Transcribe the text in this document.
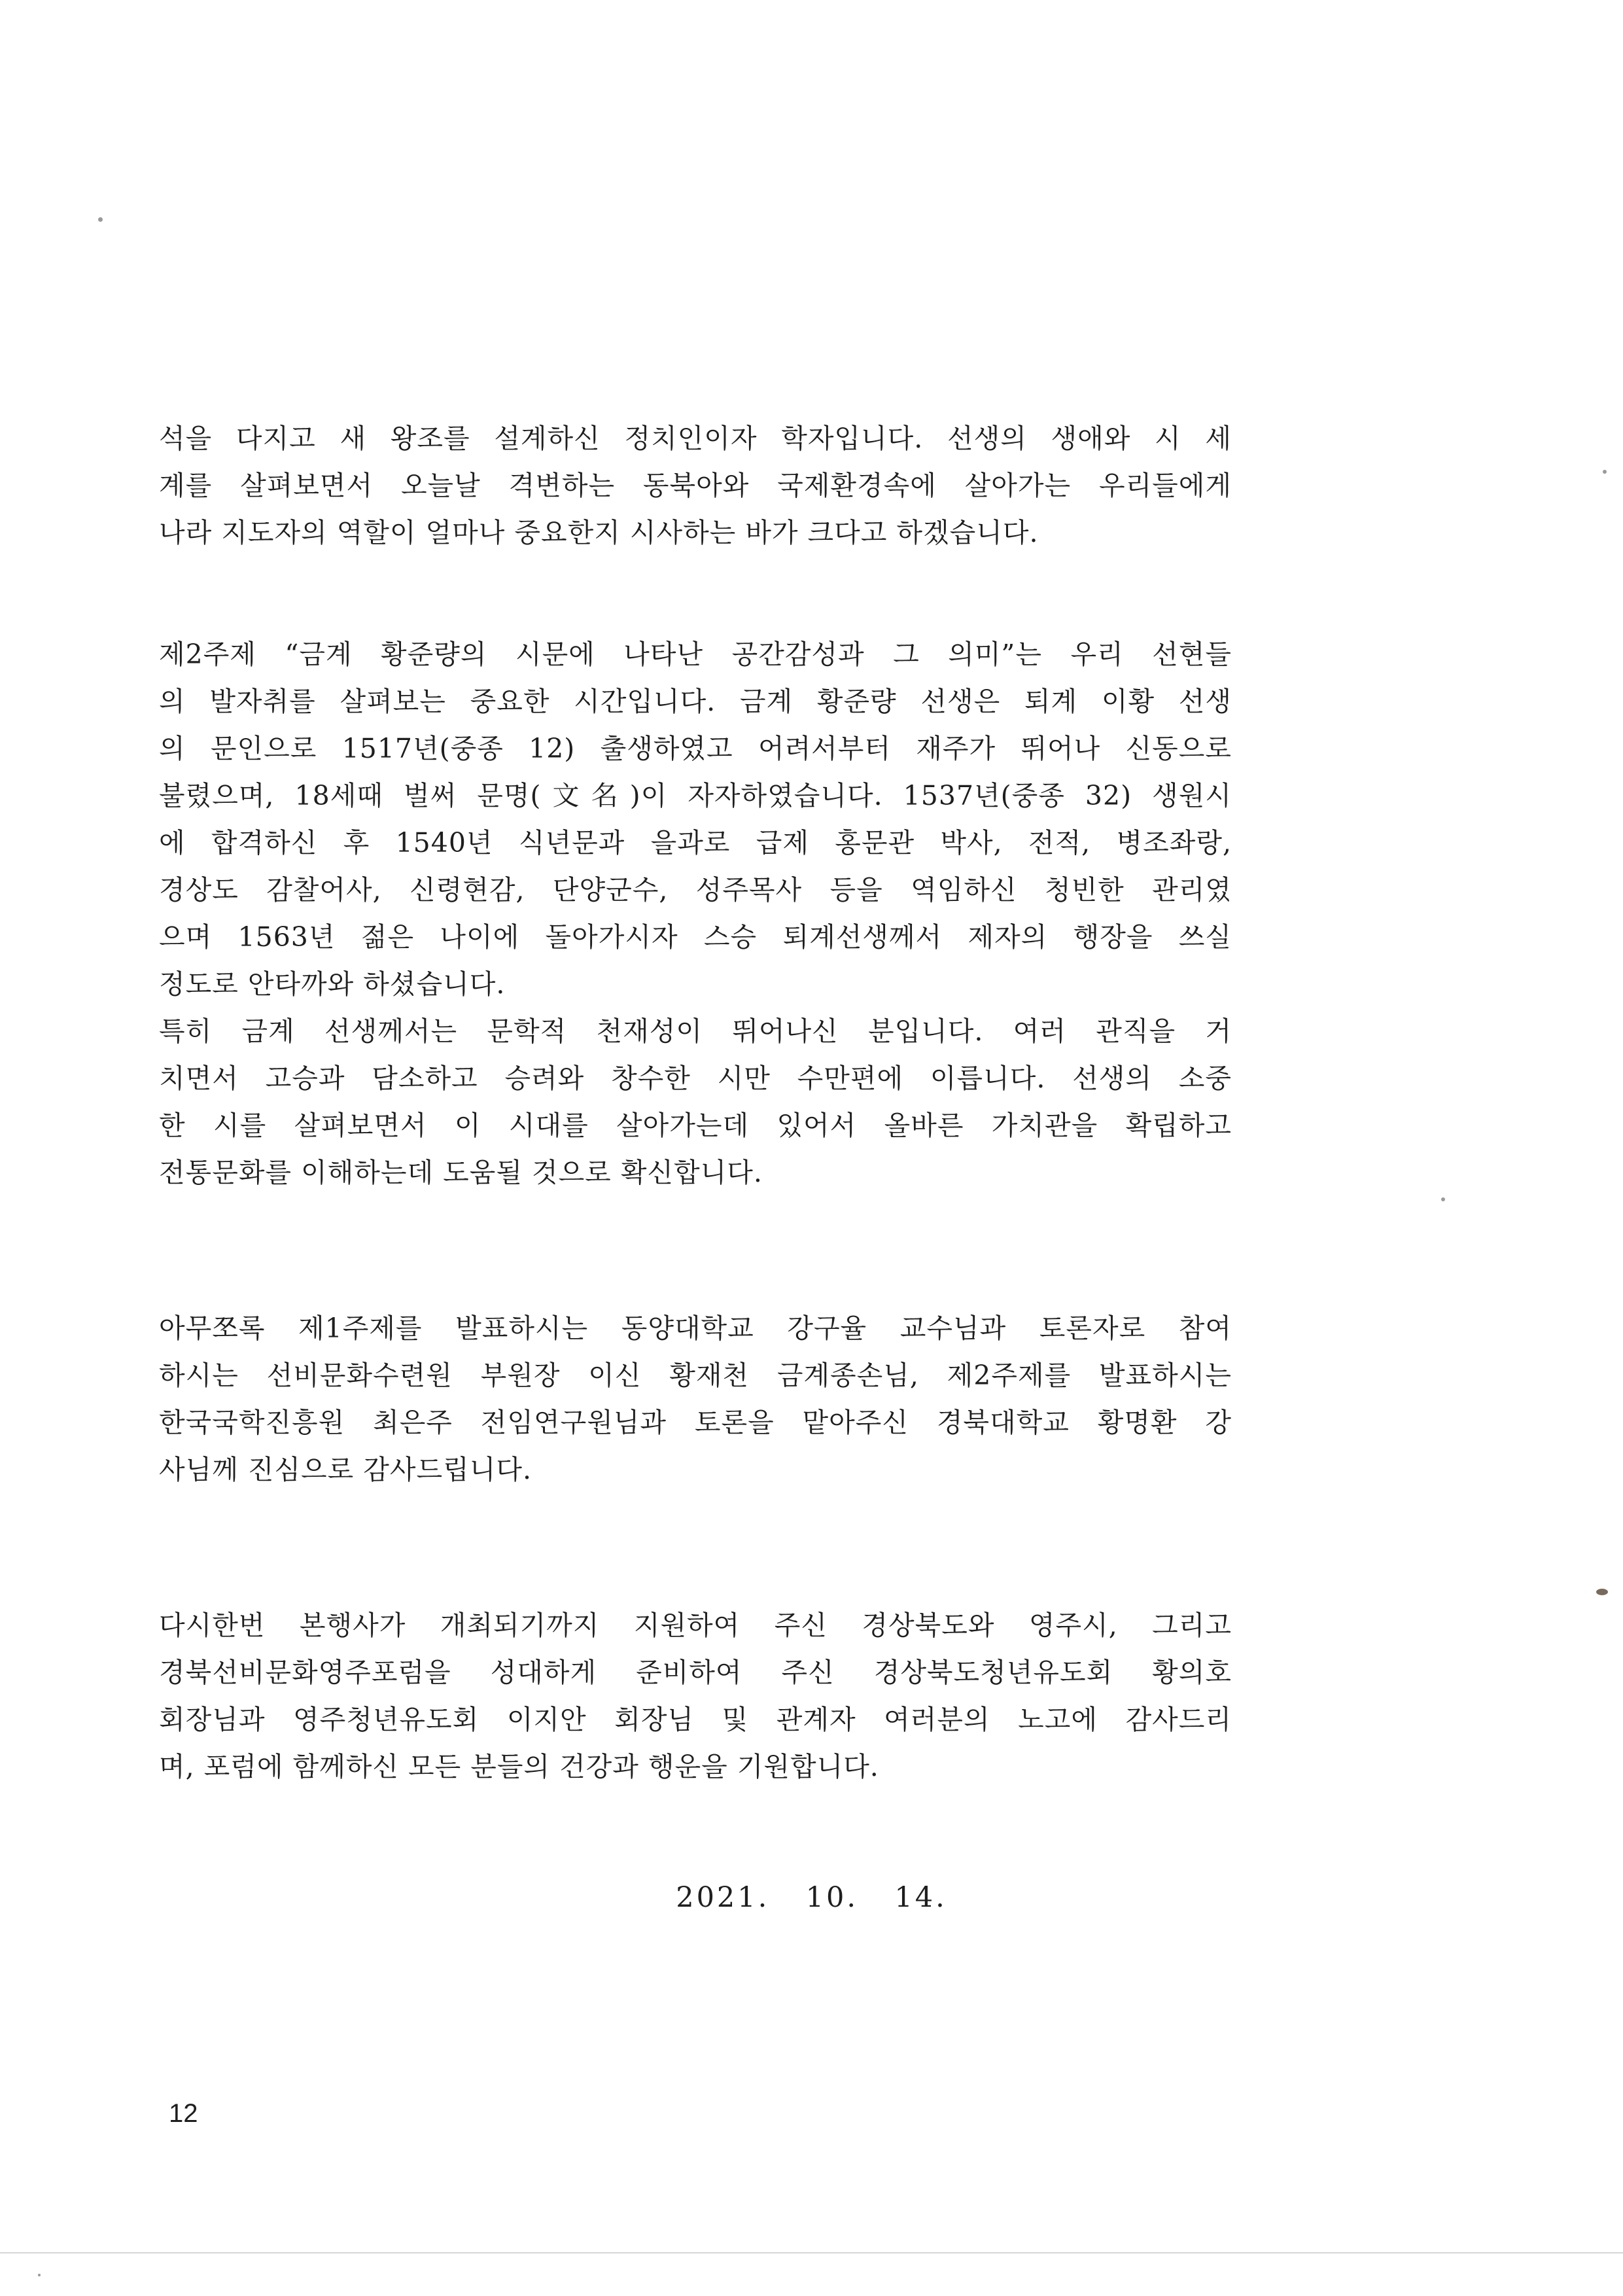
석을 다지고 새 왕조를 설계하신 정치인이자 학자입니다. 선생의 생애와 시 세
계를 살펴보면서 오늘날 격변하는 동북아와 국제환경속에 살아가는 우리들에게
나라 지도자의 역할이 얼마나 중요한지 시사하는 바가 크다고 하겠습니다.
제2주제 “금계 황준량의 시문에 나타난 공간감성과 그 의미”는 우리 선현들
의 발자취를 살펴보는 중요한 시간입니다. 금계 황준량 선생은 퇴계 이황 선생
의 문인으로 1517년(중종 12) 출생하였고 어려서부터 재주가 뛰어나 신동으로
불렸으며, 18세때 벌써 문명(文名)이 자자하였습니다. 1537년(중종 32) 생원시
에 합격하신 후 1540년 식년문과 을과로 급제 홍문관 박사, 전적, 병조좌랑,
경상도 감찰어사, 신령현감, 단양군수, 성주목사 등을 역임하신 청빈한 관리였
으며 1563년 젊은 나이에 돌아가시자 스승 퇴계선생께서 제자의 행장을 쓰실
정도로 안타까와 하셨습니다.
특히 금계 선생께서는 문학적 천재성이 뛰어나신 분입니다. 여러 관직을 거
치면서 고승과 담소하고 승려와 창수한 시만 수만편에 이릅니다. 선생의 소중
한 시를 살펴보면서 이 시대를 살아가는데 있어서 올바른 가치관을 확립하고
전통문화를 이해하는데 도움될 것으로 확신합니다.
아무쪼록 제1주제를 발표하시는 동양대학교 강구율 교수님과 토론자로 참여
하시는 선비문화수련원 부원장 이신 황재천 금계종손님, 제2주제를 발표하시는
한국국학진흥원 최은주 전임연구원님과 토론을 맡아주신 경북대학교 황명환 강
사님께 진심으로 감사드립니다.
다시한번 본행사가 개최되기까지 지원하여 주신 경상북도와 영주시, 그리고
경북선비문화영주포럼을 성대하게 준비하여 주신 경상북도청년유도회 황의호
회장님과 영주청년유도회 이지안 회장님 및 관계자 여러분의 노고에 감사드리
며, 포럼에 함께하신 모든 분들의 건강과 행운을 기원합니다.
2021.  10.  14.
12
